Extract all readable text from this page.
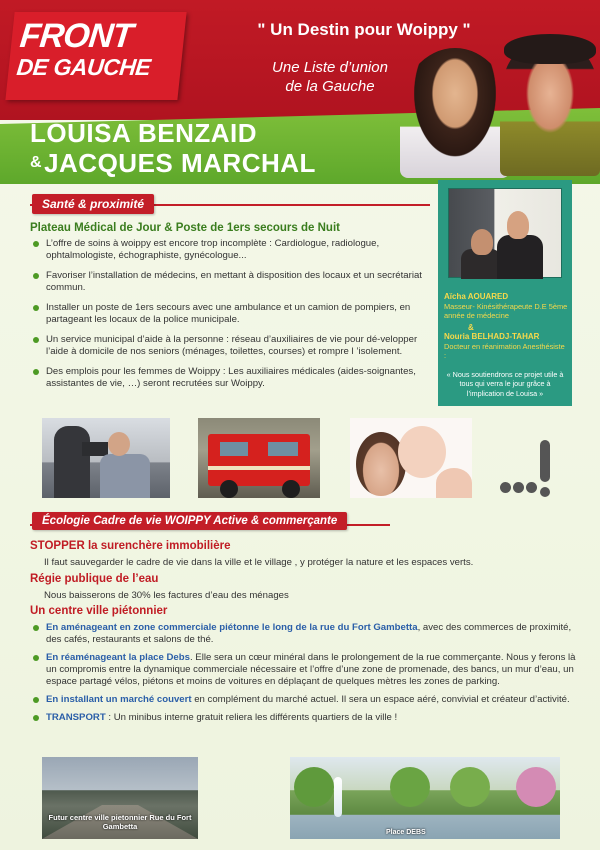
FRONT
DE GAUCHE
" Un Destin pour Woippy "
Une Liste d’union
de la Gauche
LOUISA BENZAID
&JACQUES MARCHAL
Santé & proximité
Plateau Médical de Jour & Poste de 1ers secours de Nuit
L’offre de soins à woippy est encore trop incomplète : Cardiologue, radiologue, ophtalmologiste, échographiste, gynécologue...
Favoriser l’installation de médecins, en mettant à disposition des locaux et un secrétariat commun.
Installer un poste de 1ers secours avec une ambulance et un camion de pompiers, en partageant les locaux de la police municipale.
Un service municipal d’aide à la personne : réseau d’auxiliaires de vie pour dé-velopper l’aide à domicile de nos seniors (ménages, toilettes, courses) et rompre l ’isolement.
Des emplois pour les femmes de Woippy : Les auxiliaires médicales (aides-soignantes, assistantes de vie, …) seront recrutées sur Woippy.
Aïcha AOUARED
Masseur- Kinésithérapeute D.E 5ème année de médecine
&
Nouria BELHADJ-TAHAR
Docteur en réanimation Anesthésiste :
« Nous soutiendrons ce projet utile à tous qui verra le jour grâce à l’implication de Louisa »
Écologie Cadre de vie WOIPPY Active & commerçante
STOPPER la surenchère immobilière
Il faut sauvegarder le cadre de vie dans la ville et le village , y protéger la nature et les espaces verts.
Régie publique de l’eau
Nous baisserons de 30% les factures d’eau des ménages
Un centre ville piétonnier
En aménageant en zone commerciale piétonne le long de la rue du Fort Gambetta, avec des commerces de proximité, des cafés, restaurants et salons de thé.
En réaménageant la place Debs. Elle sera un cœur minéral dans le prolongement de la rue commerçante. Nous y ferons là un compromis entre la dynamique commerciale nécessaire et l’offre d’une zone de promenade, des bancs, un mur d’eau, un espace partagé vélos, piétons et moins de voitures en déplaçant de quelques mètres les zones de parking.
En installant un marché couvert en complément du marché actuel. Il sera un espace aéré, convivial et créateur d’activité.
TRANSPORT : Un minibus interne gratuit reliera les différents quartiers de la ville !
Futur centre ville pietonnier Rue du Fort Gambetta
Place DEBS
